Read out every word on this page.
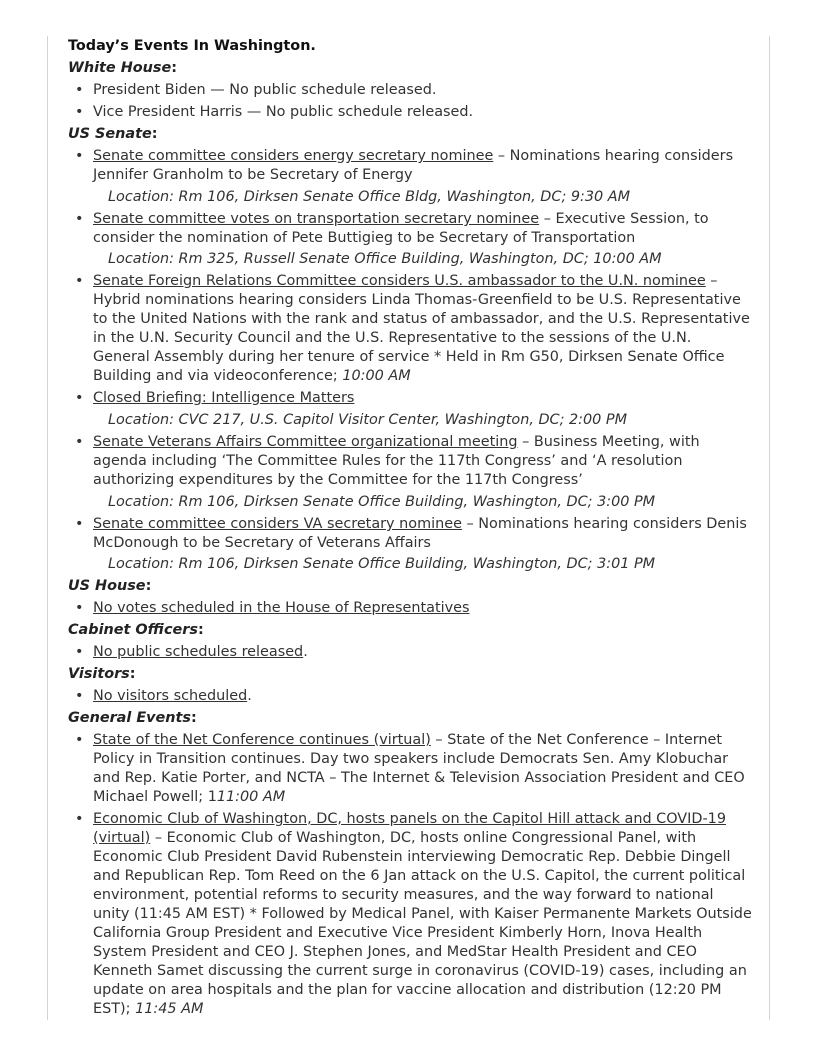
Today’s Events In Washington.
White House:
• President Biden — No public schedule released.
• Vice President Harris — No public schedule released.
US Senate:
• Senate committee considers energy secretary nominee – Nominations hearing considers Jennifer Granholm to be Secretary of Energy
Location: Rm 106, Dirksen Senate Office Bldg, Washington, DC; 9:30 AM
• Senate committee votes on transportation secretary nominee – Executive Session, to consider the nomination of Pete Buttigieg to be Secretary of Transportation
Location: Rm 325, Russell Senate Office Building, Washington, DC; 10:00 AM
• Senate Foreign Relations Committee considers U.S. ambassador to the U.N. nominee – Hybrid nominations hearing considers Linda Thomas-Greenfield to be U.S. Representative to the United Nations with the rank and status of ambassador, and the U.S. Representative in the U.N. Security Council and the U.S. Representative to the sessions of the U.N. General Assembly during her tenure of service * Held in Rm G50, Dirksen Senate Office Building and via videoconference; 10:00 AM
• Closed Briefing: Intelligence Matters
Location: CVC 217, U.S. Capitol Visitor Center, Washington, DC; 2:00 PM
• Senate Veterans Affairs Committee organizational meeting – Business Meeting, with agenda including ‘The Committee Rules for the 117th Congress’ and ‘A resolution authorizing expenditures by the Committee for the 117th Congress’
Location: Rm 106, Dirksen Senate Office Building, Washington, DC; 3:00 PM
• Senate committee considers VA secretary nominee – Nominations hearing considers Denis McDonough to be Secretary of Veterans Affairs
Location: Rm 106, Dirksen Senate Office Building, Washington, DC; 3:01 PM
US House:
• No votes scheduled in the House of Representatives
Cabinet Officers:
• No public schedules released.
Visitors:
• No visitors scheduled.
General Events:
• State of the Net Conference continues (virtual) – State of the Net Conference – Internet Policy in Transition continues. Day two speakers include Democrats Sen. Amy Klobuchar and Rep. Katie Porter, and NCTA – The Internet & Television Association President and CEO Michael Powell; 111:00 AM
• Economic Club of Washington, DC, hosts panels on the Capitol Hill attack and COVID-19 (virtual) – Economic Club of Washington, DC, hosts online Congressional Panel, with Economic Club President David Rubenstein interviewing Democratic Rep. Debbie Dingell and Republican Rep. Tom Reed on the 6 Jan attack on the U.S. Capitol, the current political environment, potential reforms to security measures, and the way forward to national unity (11:45 AM EST) * Followed by Medical Panel, with Kaiser Permanente Markets Outside California Group President and Executive Vice President Kimberly Horn, Inova Health System President and CEO J. Stephen Jones, and MedStar Health President and CEO Kenneth Samet discussing the current surge in coronavirus (COVID-19) cases, including an update on area hospitals and the plan for vaccine allocation and distribution (12:20 PM EST); 11:45 AM
